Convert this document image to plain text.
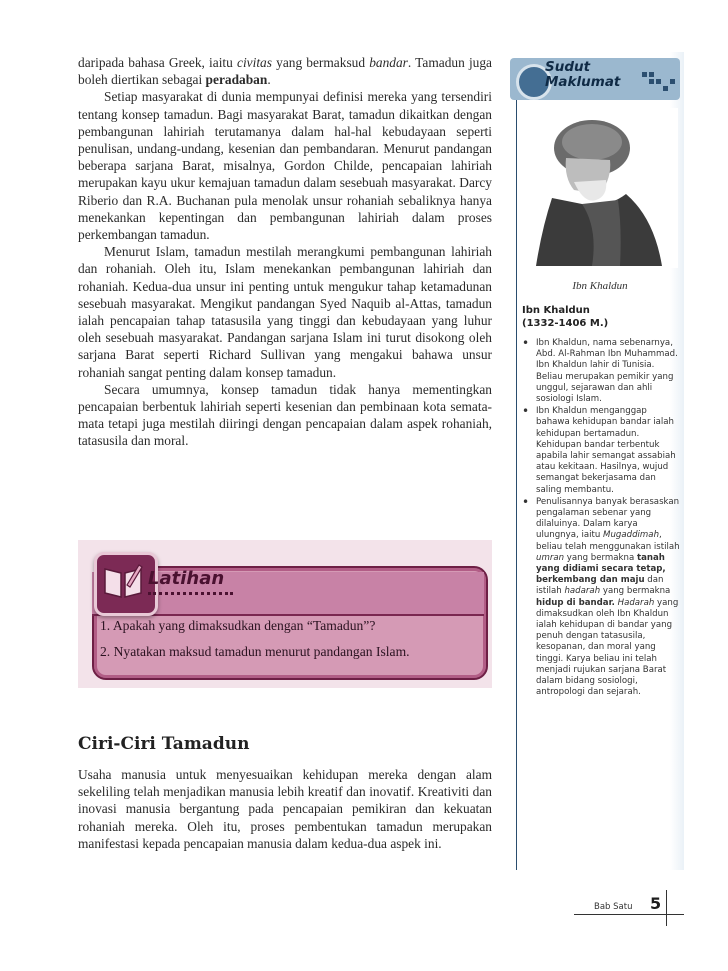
daripada bahasa Greek, iaitu civitas yang bermaksud bandar. Tamadun juga boleh diertikan sebagai peradaban.

Setiap masyarakat di dunia mempunyai definisi mereka yang tersendiri tentang konsep tamadun. Bagi masyarakat Barat, tamadun dikaitkan dengan pembangunan lahiriah terutamanya dalam hal-hal kebudayaan seperti penulisan, undang-undang, kesenian dan pembandaran. Menurut pandangan beberapa sarjana Barat, misalnya, Gordon Childe, pencapaian lahiriah merupakan kayu ukur kemajuan tamadun dalam sesebuah masyarakat. Darcy Riberio dan R.A. Buchanan pula menolak unsur rohaniah sebaliknya hanya menekankan kepentingan dan pembangunan lahiriah dalam proses perkembangan tamadun.

Menurut Islam, tamadun mestilah merangkumi pembangunan lahiriah dan rohaniah. Oleh itu, Islam menekankan pembangunan lahiriah dan rohaniah. Kedua-dua unsur ini penting untuk mengukur tahap ketamadunan sesebuah masyarakat. Mengikut pandangan Syed Naquib al-Attas, tamadun ialah pencapaian tahap tatasusila yang tinggi dan kebudayaan yang luhur oleh sesebuah masyarakat. Pandangan sarjana Islam ini turut disokong oleh sarjana Barat seperti Richard Sullivan yang mengakui bahawa unsur rohaniah sangat penting dalam konsep tamadun.

Secara umumnya, konsep tamadun tidak hanya mementingkan pencapaian berbentuk lahiriah seperti kesenian dan pembinaan kota semata-mata tetapi juga mestilah diiringi dengan pencapaian dalam aspek rohaniah, tatasusila dan moral.

Latihan
1. Apakah yang dimaksudkan dengan “Tamadun”?
2. Nyatakan maksud tamadun menurut pandangan Islam.
Ciri-Ciri Tamadun

Usaha manusia untuk menyesuaikan kehidupan mereka dengan alam sekeliling telah menjadikan manusia lebih kreatif dan inovatif. Kreativiti dan inovasi manusia bergantung pada pencapaian pemikiran dan kekuatan rohaniah mereka. Oleh itu, proses pembentukan tamadun merupakan manifestasi kepada pencapaian manusia dalam kedua-dua aspek ini.

Sudut
Maklumat
Ibn Khaldun
Ibn Khaldun
(1332-1406 M.)
• Ibn Khaldun, nama sebenarnya, Abd. Al-Rahman Ibn Muhammad. Ibn Khaldun lahir di Tunisia. Beliau merupakan pemikir yang unggul, sejarawan dan ahli sosiologi Islam.
• Ibn Khaldun menganggap bahawa kehidupan bandar ialah kehidupan bertamadun. Kehidupan bandar terbentuk apabila lahir semangat assabiah atau kekitaan. Hasilnya, wujud semangat bekerjasama dan saling membantu.
• Penulisannya banyak berasaskan pengalaman sebenar yang dilaluinya. Dalam karya ulungnya, iaitu Mugaddimah, beliau telah menggunakan istilah umran yang bermakna tanah yang didiami secara tetap, berkembang dan maju dan istilah hadarah yang bermakna hidup di bandar. Hadarah yang dimaksudkan oleh Ibn Khaldun ialah kehidupan di bandar yang penuh dengan tatasusila, kesopanan, dan moral yang tinggi. Karya beliau ini telah menjadi rujukan sarjana Barat dalam bidang sosiologi, antropologi dan sejarah.
Bab Satu 5
